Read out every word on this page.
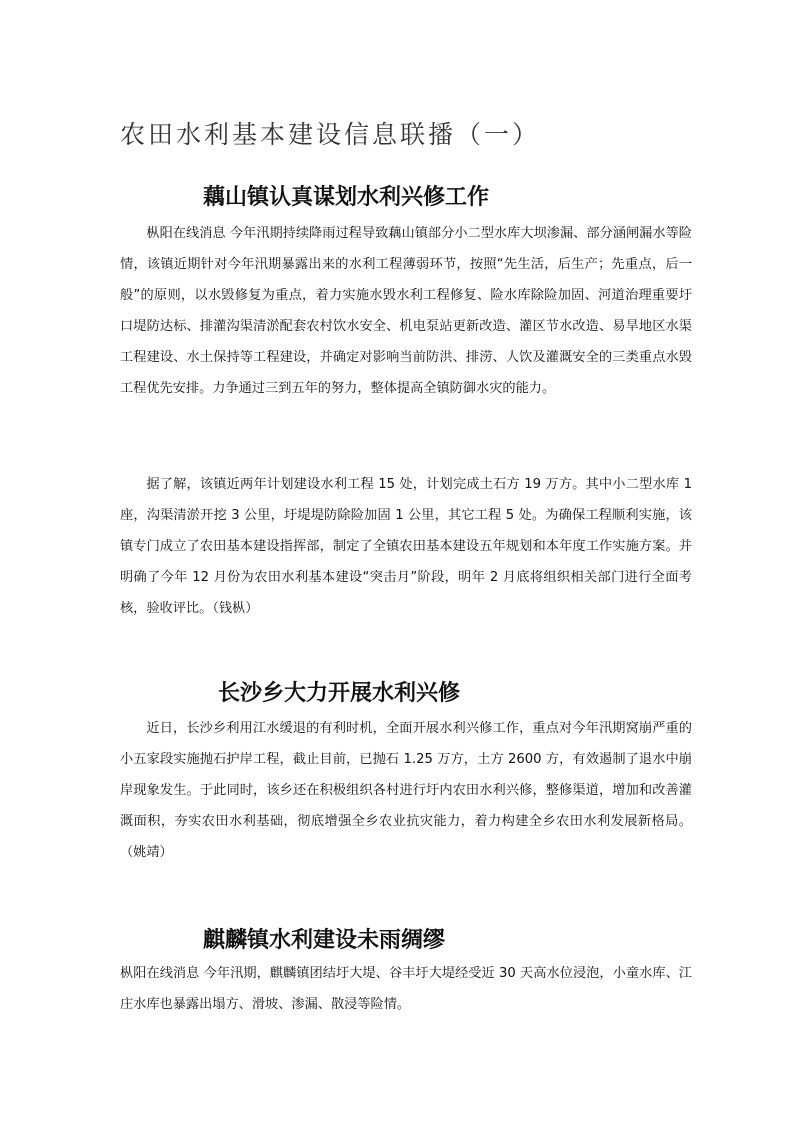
农田水利基本建设信息联播（一）
藕山镇认真谋划水利兴修工作

枞阳在线消息 今年汛期持续降雨过程导致藕山镇部分小二型水库大坝渗漏、部分涵闸漏水等险情，该镇近期针对今年汛期暴露出来的水利工程薄弱环节，按照“先生活，后生产；先重点，后一般”的原则，以水毁修复为重点，着力实施水毁水利工程修复、险水库除险加固、河道治理重要圩口堤防达标、排灌沟渠清淤配套农村饮水安全、机电泵站更新改造、灌区节水改造、易旱地区水渠工程建设、水土保持等工程建设，并确定对影响当前防洪、排涝、人饮及灌溉安全的三类重点水毁工程优先安排。力争通过三到五年的努力，整体提高全镇防御水灾的能力。

据了解，该镇近两年计划建设水利工程 15 处，计划完成土石方 19 万方。其中小二型水库 1 座，沟渠清淤开挖 3 公里，圩堤堤防除险加固 1 公里，其它工程 5 处。为确保工程顺利实施，该镇专门成立了农田基本建设指挥部，制定了全镇农田基本建设五年规划和本年度工作实施方案。并明确了今年 12 月份为农田水利基本建设“突击月”阶段，明年 2 月底将组织相关部门进行全面考核，验收评比。（钱枞）

长沙乡大力开展水利兴修

近日，长沙乡利用江水缓退的有利时机，全面开展水利兴修工作，重点对今年汛期窝崩严重的小五家段实施抛石护岸工程，截止目前，已抛石 1.25 万方，土方 2600 方，有效遏制了退水中崩岸现象发生。于此同时，该乡还在积极组织各村进行圩内农田水利兴修，整修渠道，增加和改善灌溉面积，夯实农田水利基础，彻底增强全乡农业抗灾能力，着力构建全乡农田水利发展新格局。（姚靖）

麒麟镇水利建设未雨绸缪

枞阳在线消息 今年汛期，麒麟镇团结圩大堤、谷丰圩大堤经受近 30 天高水位浸泡，小童水库、江庄水库也暴露出塌方、滑坡、渗漏、散浸等险情。
